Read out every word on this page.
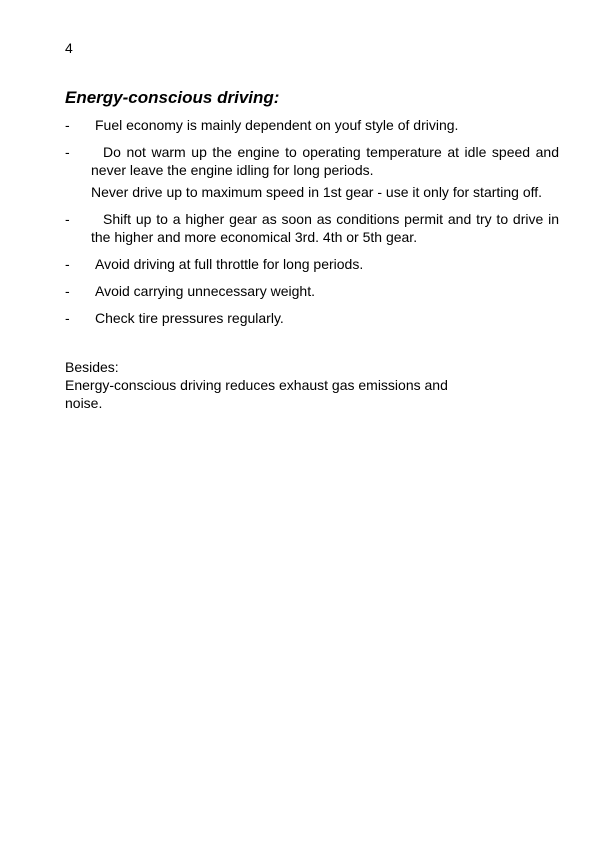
4
Energy-conscious driving:
- Fuel economy is mainly dependent on youf style of driving.
-	Do not warm up the engine to operating temperature at idle speed and never leave the engine idling for long periods.
Never drive up to maximum speed in 1st gear - use it only for starting off.
-	Shift up to a higher gear as soon as conditions permit and try to drive in the higher and more economical 3rd. 4th or 5th gear.
- Avoid driving at full throttle for long periods.
- Avoid carrying unnecessary weight.
- Check tire pressures regularly.
Besides:
Energy-conscious driving reduces exhaust gas emissions and noise.
